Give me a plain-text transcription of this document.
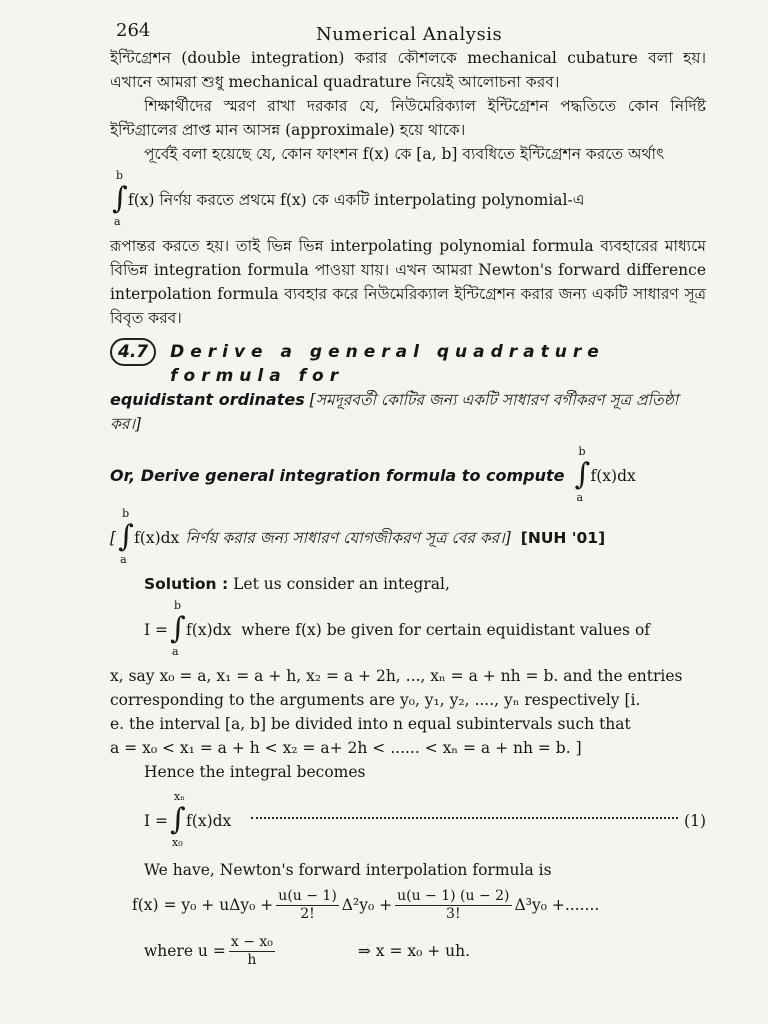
264	Numerical Analysis

ইন্টিগ্রেশন (double integration) করার কৌশলকে mechanical cubature বলা হয়। এখানে আমরা শুধু mechanical quadrature নিয়েই আলোচনা করব।

শিক্ষার্থীদের স্মরণ রাখা দরকার যে, নিউমেরিক্যাল ইন্টিগ্রেশন পদ্ধতিতে কোন নির্দিষ্ট ইন্টিগ্রালের প্রাপ্ত মান আসন্ন (approximale) হয়ে থাকে।

পূর্বেই বলা হয়েছে যে, কোন ফাংশন f(x) কে [a, b] ব্যবধিতে ইন্টিগ্রেশন করতে অর্থাৎ

b
∫
a
f(x) নির্ণয় করতে প্রথমে f(x) কে একটি interpolating polynomial-এ

রূপান্তর করতে হয়। তাই ভিন্ন ভিন্ন interpolating polynomial formula ব্যবহারের মাধ্যমে বিভিন্ন integration formula পাওয়া যায়। এখন আমরা Newton's forward difference interpolation formula ব্যবহার করে নিউমেরিক্যাল ইন্টিগ্রেশন করার জন্য একটি সাধারণ সূত্র বিবৃত করব।

4.7	Derive a general quadrature formula for

equidistant ordinates [সমদূরবর্তী কোটির জন্য একটি সাধারণ বর্গীকরণ সূত্র প্রতিষ্ঠা কর।]

Or, Derive general integration formula to compute
b
∫
a
f(x)dx
[
b
∫
a
f(x)dx নির্ণয় করার জন্য সাধারণ যোগজীকরণ সূত্র বের কর।] [NUH '01]

Solution : Let us consider an integral,

I =
b
∫
a
f(x)dx where f(x) be given for certain equidistant values of

x, say x₀ = a, x₁ = a + h, x₂ = a + 2h, ..., xₙ = a + nh = b. and the entries

corresponding to the arguments are y₀, y₁, y₂, ...., yₙ respectively [i.

e. the interval [a, b] be divided into n equal subintervals such that

a = x₀ < x₁ = a + h < x₂ = a+ 2h < ...... < xₙ = a + nh = b. ]

Hence the integral becomes

I =
xₙ
∫
x₀
f(x)dx	(1)

We have, Newton's forward interpolation formula is

$f(x) = y_0 + u\Delta y_0 + \frac{u(u - 1)}{2!} \Delta^2y_0 + \frac{u(u - 1) (u - 2)}{3!} \Delta^3y_0$ +.......
where $u = \frac{\text{x − x₀}}{h}$	⇒ x = x₀ + uh.
